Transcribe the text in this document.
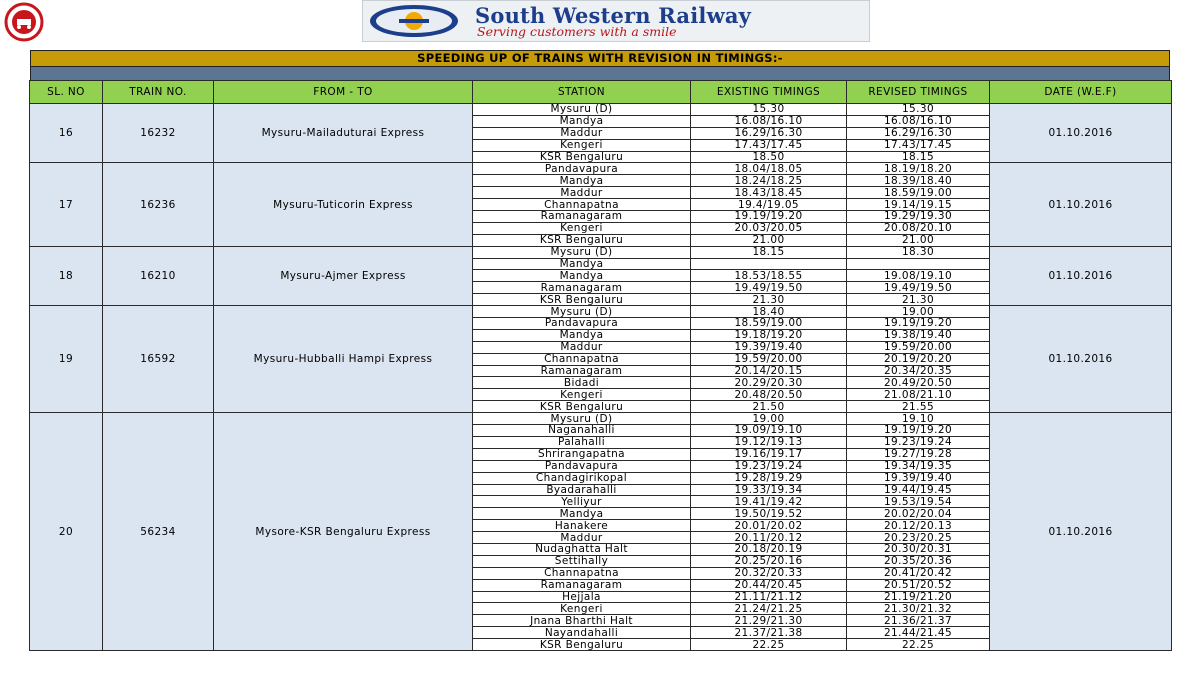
South Western Railway
Serving customers with a smile
SPEEDING UP OF TRAINS WITH REVISION IN TIMINGS:-
SL. NO	TRAIN NO.	FROM - TO	STATION	EXISTING TIMINGS	REVISED TIMINGS	DATE (W.E.F)
16	16232	Mysuru-Mailaduturai Express	Mysuru (D)	15.30	15.30	01.10.2016
			Mandya	16.08/16.10	16.08/16.10	
			Maddur	16.29/16.30	16.29/16.30	
			Kengeri	17.43/17.45	17.43/17.45	
			KSR Bengaluru	18.50	18.15	
17	16236	Mysuru-Tuticorin Express	Pandavapura	18.04/18.05	18.19/18.20	01.10.2016
			Mandya	18.24/18.25	18.39/18.40	
			Maddur	18.43/18.45	18.59/19.00	
			Channapatna	19.4/19.05	19.14/19.15	
			Ramanagaram	19.19/19.20	19.29/19.30	
			Kengeri	20.03/20.05	20.08/20.10	
			KSR Bengaluru	21.00	21.00	
18	16210	Mysuru-Ajmer Express	Mysuru (D)	18.15	18.30	01.10.2016
			Mandya			
			Mandya	18.53/18.55	19.08/19.10	
			Ramanagaram	19.49/19.50	19.49/19.50	
			KSR Bengaluru	21.30	21.30	
19	16592	Mysuru-Hubballi Hampi Express	Mysuru (D)	18.40	19.00	01.10.2016
			Pandavapura	18.59/19.00	19.19/19.20	
			Mandya	19.18/19.20	19.38/19.40	
			Maddur	19.39/19.40	19.59/20.00	
			Channapatna	19.59/20.00	20.19/20.20	
			Ramanagaram	20.14/20.15	20.34/20.35	
			Bidadi	20.29/20.30	20.49/20.50	
			Kengeri	20.48/20.50	21.08/21.10	
			KSR Bengaluru	21.50	21.55	
20	56234	Mysore-KSR Bengaluru Express	Mysuru (D)	19.00	19.10	01.10.2016
			Naganahalli	19.09/19.10	19.19/19.20	
			Palahalli	19.12/19.13	19.23/19.24	
			Shrirangapatna	19.16/19.17	19.27/19.28	
			Pandavapura	19.23/19.24	19.34/19.35	
			Chandagirikopal	19.28/19.29	19.39/19.40	
			Byadarahalli	19.33/19.34	19.44/19.45	
			Yelliyur	19.41/19.42	19.53/19.54	
			Mandya	19.50/19.52	20.02/20.04	
			Hanakere	20.01/20.02	20.12/20.13	
			Maddur	20.11/20.12	20.23/20.25	
			Nudaghatta Halt	20.18/20.19	20.30/20.31	
			Settihally	20.25/20.16	20.35/20.36	
			Channapatna	20.32/20.33	20.41/20.42	
			Ramanagaram	20.44/20.45	20.51/20.52	
			Hejjala	21.11/21.12	21.19/21.20	
			Kengeri	21.24/21.25	21.30/21.32	
			Jnana Bharthi Halt	21.29/21.30	21.36/21.37	
			Nayandahalli	21.37/21.38	21.44/21.45	
			KSR Bengaluru	22.25	22.25	
